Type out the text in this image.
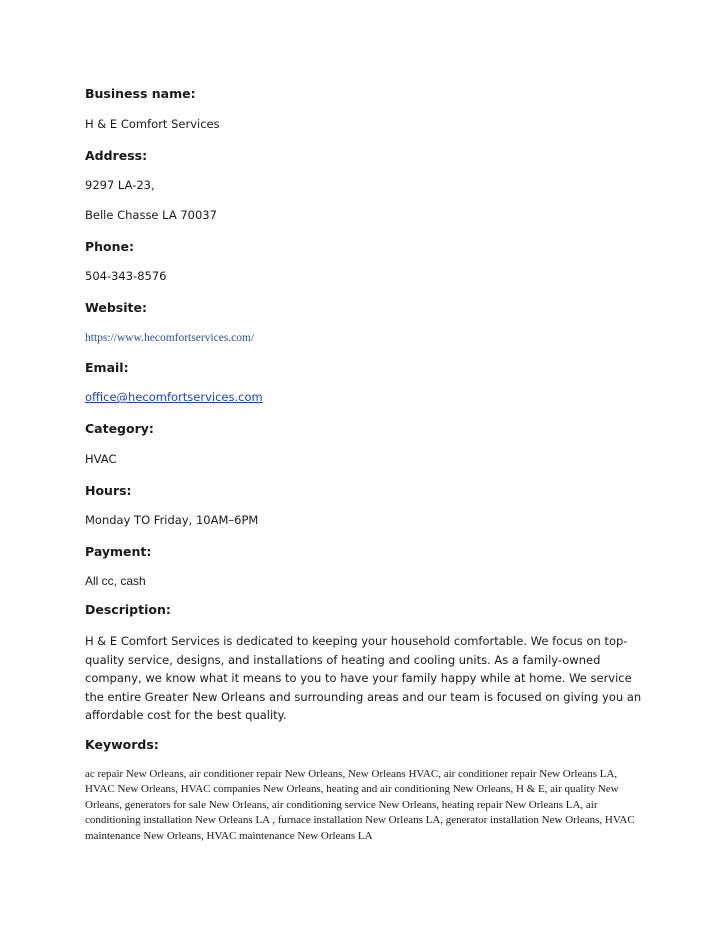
Business name:
H & E Comfort Services
Address:
9297 LA-23,
Belle Chasse LA 70037
Phone:
504-343-8576
Website:
https://www.hecomfortservices.com/
Email:
office@hecomfortservices.com
Category:
HVAC
Hours:
Monday TO Friday, 10AM–6PM
Payment:
All cc, cash
Description:

H & E Comfort Services is dedicated to keeping your household comfortable. We focus on top-quality service, designs, and installations of heating and cooling units. As a family-owned company, we know what it means to you to have your family happy while at home. We service the entire Greater New Orleans and surrounding areas and our team is focused on giving you an affordable cost for the best quality.

Keywords:

ac repair New Orleans, air conditioner repair New Orleans, New Orleans HVAC, air conditioner repair New Orleans LA, HVAC New Orleans, HVAC companies New Orleans, heating and air conditioning New Orleans, H & E, air quality New Orleans, generators for sale New Orleans, air conditioning service New Orleans, heating repair New Orleans LA, air conditioning installation New Orleans LA , furnace installation New Orleans LA, generator installation New Orleans, HVAC maintenance New Orleans, HVAC maintenance New Orleans LA
